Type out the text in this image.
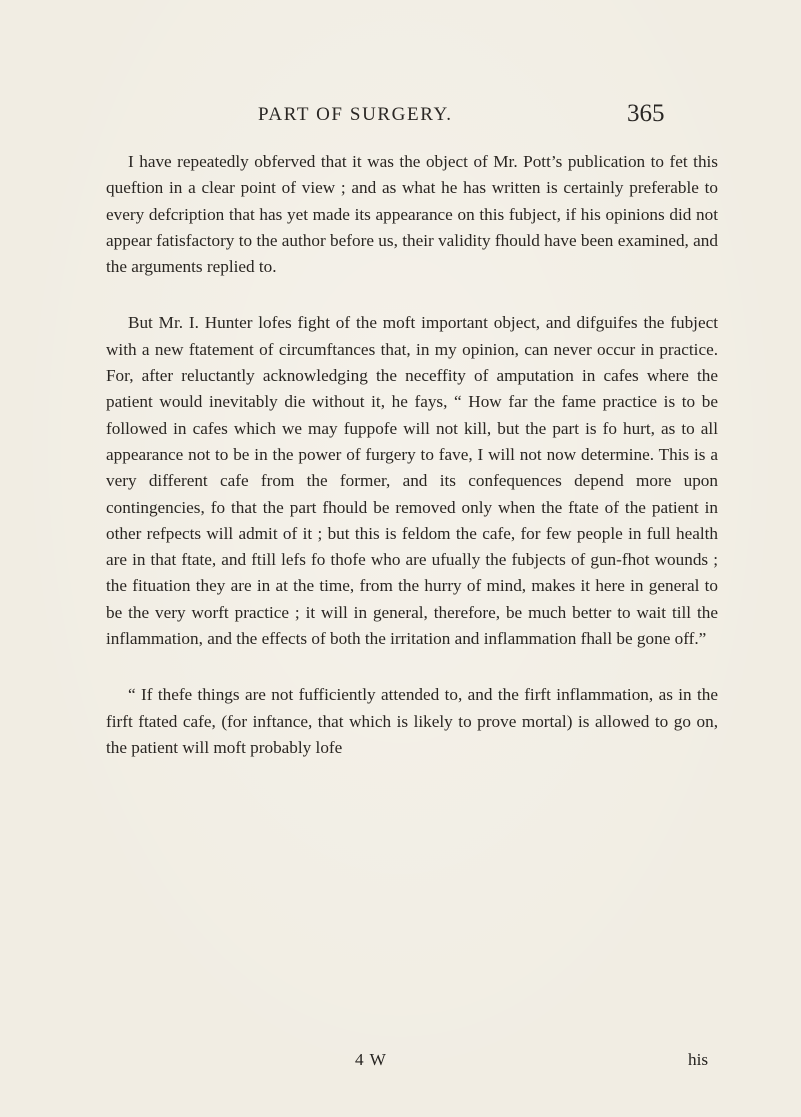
PART OF SURGERY.	365

I have repeatedly obferved that it was the object of Mr. Pott’s publication to fet this queftion in a clear point of view ; and as what he has written is certainly preferable to every defcription that has yet made its appearance on this fubject, if his opinions did not appear fatisfactory to the author before us, their validity fhould have been examined, and the arguments replied to.

But Mr. I. Hunter lofes fight of the moft important object, and difguifes the fubject with a new ftatement of circumftances that, in my opinion, can never occur in practice. For, after reluctantly acknowledging the neceffity of amputation in cafes where the patient would inevitably die without it, he fays, “ How far the fame practice is to be followed in cafes which we may fuppofe will not kill, but the part is fo hurt, as to all appearance not to be in the power of furgery to fave, I will not now determine. This is a very different cafe from the former, and its confequences depend more upon contingencies, fo that the part fhould be removed only when the ftate of the patient in other refpects will admit of it ; but this is feldom the cafe, for few people in full health are in that ftate, and ftill lefs fo thofe who are ufually the fubjects of gun-fhot wounds ; the fituation they are in at the time, from the hurry of mind, makes it here in general to be the very worft practice ; it will in general, therefore, be much better to wait till the inflammation, and the effects of both the irritation and inflammation fhall be gone off.”

“ If thefe things are not fufficiently attended to, and the firft inflammation, as in the firft ftated cafe, (for inftance, that which is likely to prove mortal) is allowed to go on, the patient will moft probably lofe

4 W	his
